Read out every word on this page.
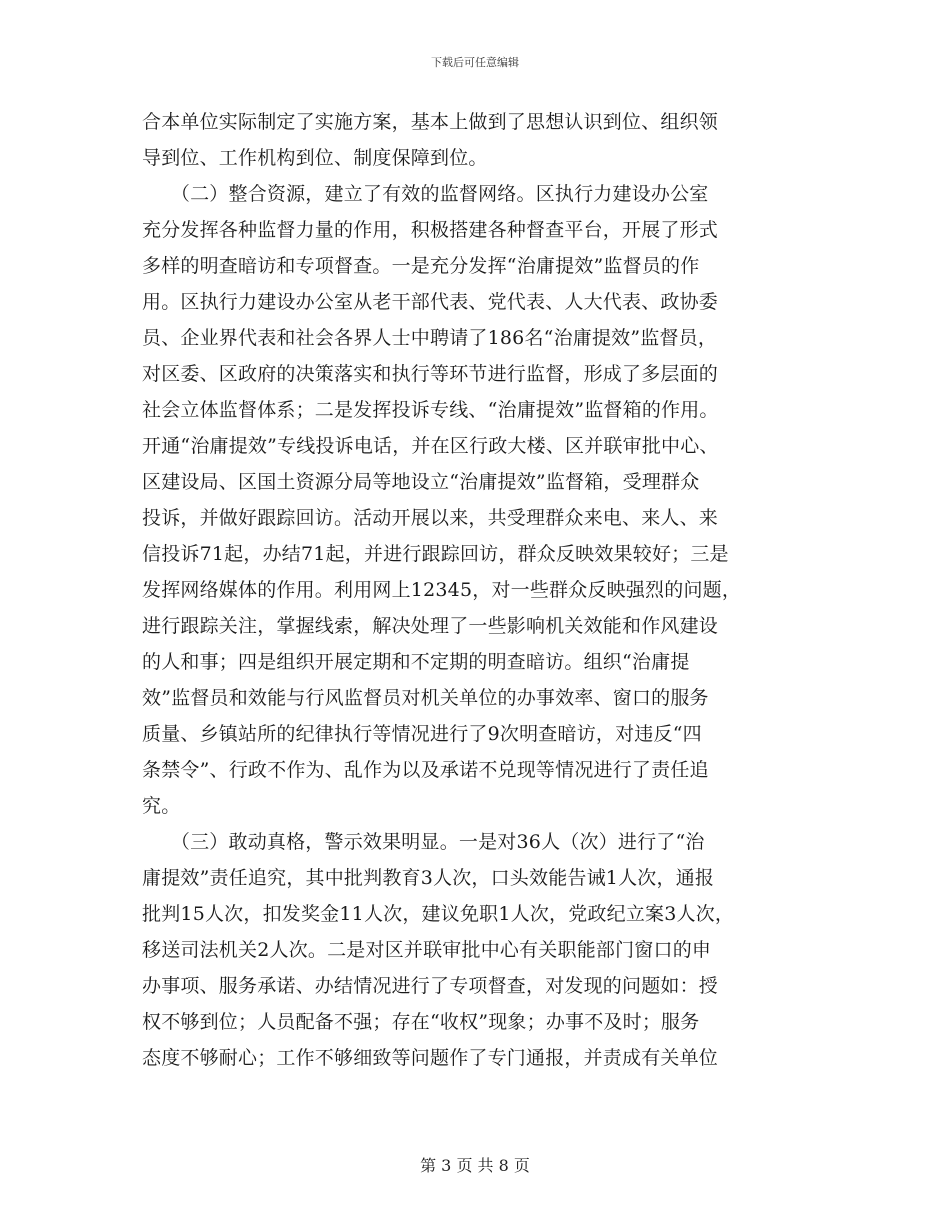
下载后可任意编辑
合本单位实际制定了实施方案，基本上做到了思想认识到位、组织领
导到位、工作机构到位、制度保障到位。
　　（二）整合资源，建立了有效的监督网络。区执行力建设办公室
充分发挥各种监督力量的作用，积极搭建各种督查平台，开展了形式
多样的明查暗访和专项督查。一是充分发挥“治庸提效”监督员的作
用。区执行力建设办公室从老干部代表、党代表、人大代表、政协委
员、企业界代表和社会各界人士中聘请了186名“治庸提效”监督员，
对区委、区政府的决策落实和执行等环节进行监督，形成了多层面的
社会立体监督体系；二是发挥投诉专线、“治庸提效”监督箱的作用。
开通“治庸提效”专线投诉电话，并在区行政大楼、区并联审批中心、
区建设局、区国土资源分局等地设立“治庸提效”监督箱，受理群众
投诉，并做好跟踪回访。活动开展以来，共受理群众来电、来人、来
信投诉71起，办结71起，并进行跟踪回访，群众反映效果较好；三是
发挥网络媒体的作用。利用网上12345，对一些群众反映强烈的问题，
进行跟踪关注，掌握线索，解决处理了一些影响机关效能和作风建设
的人和事；四是组织开展定期和不定期的明查暗访。组织“治庸提
效”监督员和效能与行风监督员对机关单位的办事效率、窗口的服务
质量、乡镇站所的纪律执行等情况进行了9次明查暗访，对违反“四
条禁令”、行政不作为、乱作为以及承诺不兑现等情况进行了责任追
究。
　　（三）敢动真格，警示效果明显。一是对36人（次）进行了“治
庸提效”责任追究，其中批判教育3人次，口头效能告诫1人次，通报
批判15人次，扣发奖金11人次，建议免职1人次，党政纪立案3人次，
移送司法机关2人次。二是对区并联审批中心有关职能部门窗口的申
办事项、服务承诺、办结情况进行了专项督查，对发现的问题如：授
权不够到位；人员配备不强；存在“收权”现象；办事不及时；服务
态度不够耐心；工作不够细致等问题作了专门通报，并责成有关单位
第 3 页 共 8 页
